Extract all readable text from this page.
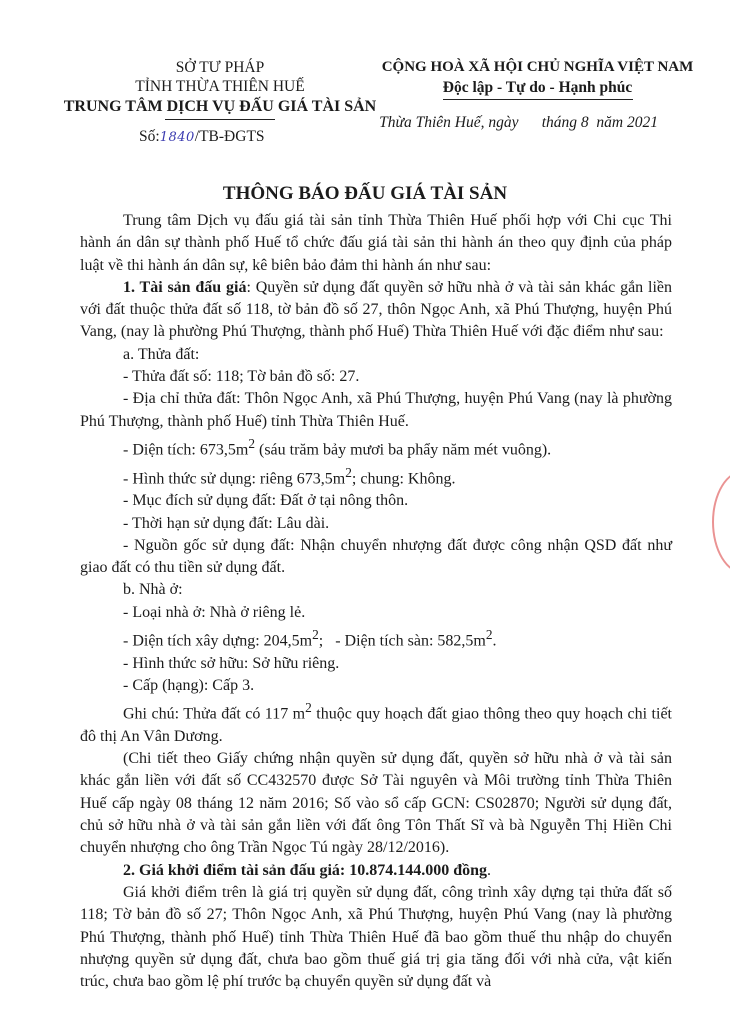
SỞ TƯ PHÁP
TỈNH THỪA THIÊN HUẾ
TRUNG TÂM DỊCH VỤ ĐẤU GIÁ TÀI SẢN
Số:1840/TB-ĐGTS
CỘNG HOÀ XÃ HỘI CHỦ NGHĨA VIỆT NAM
Độc lập - Tự do - Hạnh phúc
Thừa Thiên Huế, ngày      tháng 8  năm 2021
THÔNG BÁO ĐẤU GIÁ TÀI SẢN

Trung tâm Dịch vụ đấu giá tài sản tỉnh Thừa Thiên Huế phối hợp với Chi cục Thi hành án dân sự thành phố Huế tổ chức đấu giá tài sản thi hành án theo quy định của pháp luật về thi hành án dân sự, kê biên bảo đảm thi hành án như sau:

1. Tài sản đấu giá: Quyền sử dụng đất quyền sở hữu nhà ở và tài sản khác gắn liền với đất thuộc thửa đất số 118, tờ bản đồ số 27, thôn Ngọc Anh, xã Phú Thượng, huyện Phú Vang, (nay là phường Phú Thượng, thành phố Huế) Thừa Thiên Huế với đặc điểm như sau:

a. Thửa đất:

- Thửa đất số: 118; Tờ bản đồ số: 27.

- Địa chỉ thửa đất: Thôn Ngọc Anh, xã Phú Thượng, huyện Phú Vang (nay là phường Phú Thượng, thành phố Huế) tỉnh Thừa Thiên Huế.

- Diện tích: $673,5m^2$ (sáu trăm bảy mươi ba phẩy năm mét vuông).

- Hình thức sử dụng: riêng $673,5m^2$; chung: Không.

- Mục đích sử dụng đất: Đất ở tại nông thôn.

- Thời hạn sử dụng đất: Lâu dài.

- Nguồn gốc sử dụng đất: Nhận chuyển nhượng đất được công nhận QSD đất như giao đất có thu tiền sử dụng đất.

b. Nhà ở:

- Loại nhà ở: Nhà ở riêng lẻ.

- Diện tích xây dựng: $204,5m^2$;   - Diện tích sàn: $582,5m^2$.

- Hình thức sở hữu: Sở hữu riêng.

- Cấp (hạng): Cấp 3.

Ghi chú: Thửa đất có 117 $m^2$ thuộc quy hoạch đất giao thông theo quy hoạch chi tiết đô thị An Vân Dương.

(Chi tiết theo Giấy chứng nhận quyền sử dụng đất, quyền sở hữu nhà ở và tài sản khác gắn liền với đất số CC432570 được Sở Tài nguyên và Môi trường tỉnh Thừa Thiên Huế cấp ngày 08 tháng 12 năm 2016; Số vào sổ cấp GCN: CS02870; Người sử dụng đất, chủ sở hữu nhà ở và tài sản gắn liền với đất ông Tôn Thất Sĩ và bà Nguyễn Thị Hiền Chi chuyển nhượng cho ông Trần Ngọc Tú ngày 28/12/2016).

2. Giá khởi điểm tài sản đấu giá: 10.874.144.000 đồng.

Giá khởi điểm trên là giá trị quyền sử dụng đất, công trình xây dựng tại thửa đất số 118; Tờ bản đồ số 27; Thôn Ngọc Anh, xã Phú Thượng, huyện Phú Vang (nay là phường Phú Thượng, thành phố Huế) tỉnh Thừa Thiên Huế đã bao gồm thuế thu nhập do chuyển nhượng quyền sử dụng đất, chưa bao gồm thuế giá trị gia tăng đối với nhà cửa, vật kiến trúc, chưa bao gồm lệ phí trước bạ chuyển quyền sử dụng đất và
